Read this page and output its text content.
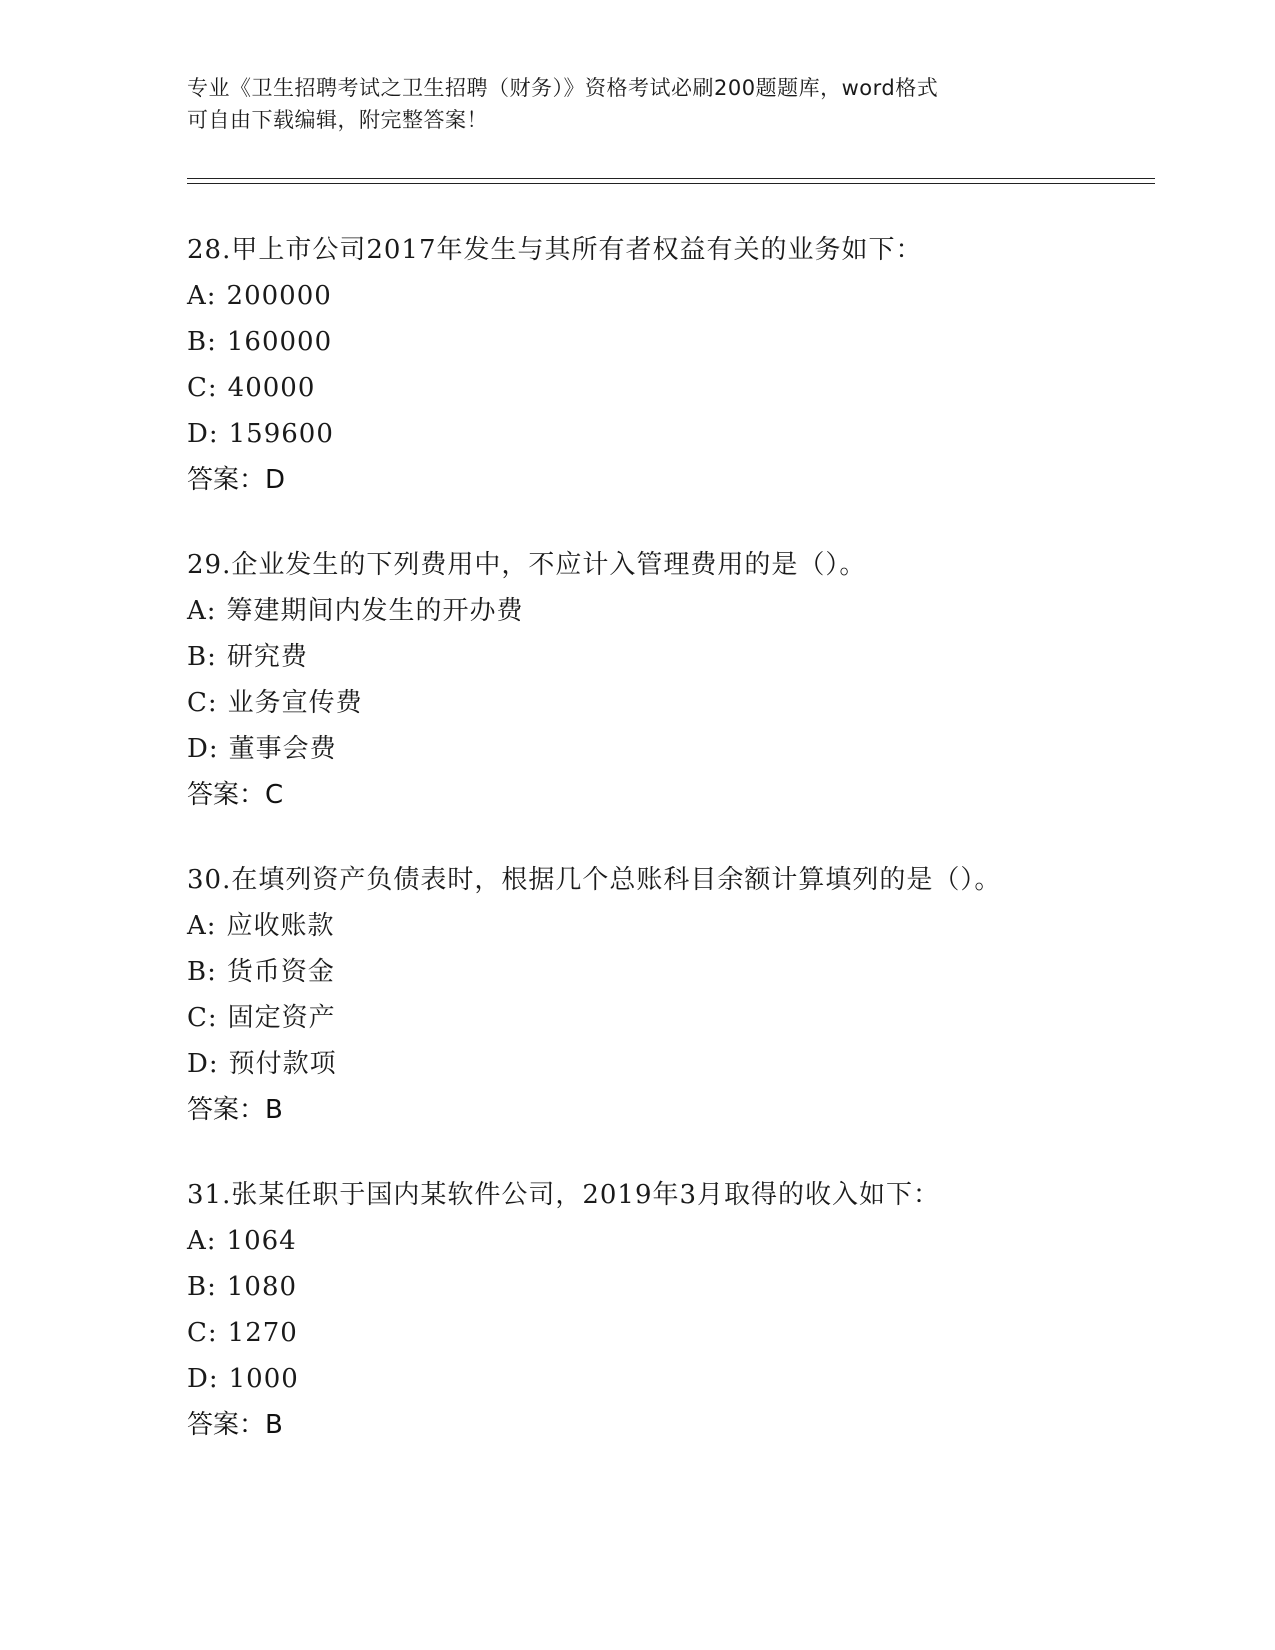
专业《卫生招聘考试之卫生招聘（财务）》资格考试必刷200题题库，word格式
可自由下载编辑，附完整答案！
28.甲上市公司2017年发生与其所有者权益有关的业务如下：
A: 200000
B: 160000
C: 40000
D: 159600
答案：D
29.企业发生的下列费用中，不应计入管理费用的是（）。
A: 筹建期间内发生的开办费
B: 研究费
C: 业务宣传费
D: 董事会费
答案：C
30.在填列资产负债表时，根据几个总账科目余额计算填列的是（）。
A: 应收账款
B: 货币资金
C: 固定资产
D: 预付款项
答案：B
31.张某任职于国内某软件公司，2019年3月取得的收入如下：
A: 1064
B: 1080
C: 1270
D: 1000
答案：B
